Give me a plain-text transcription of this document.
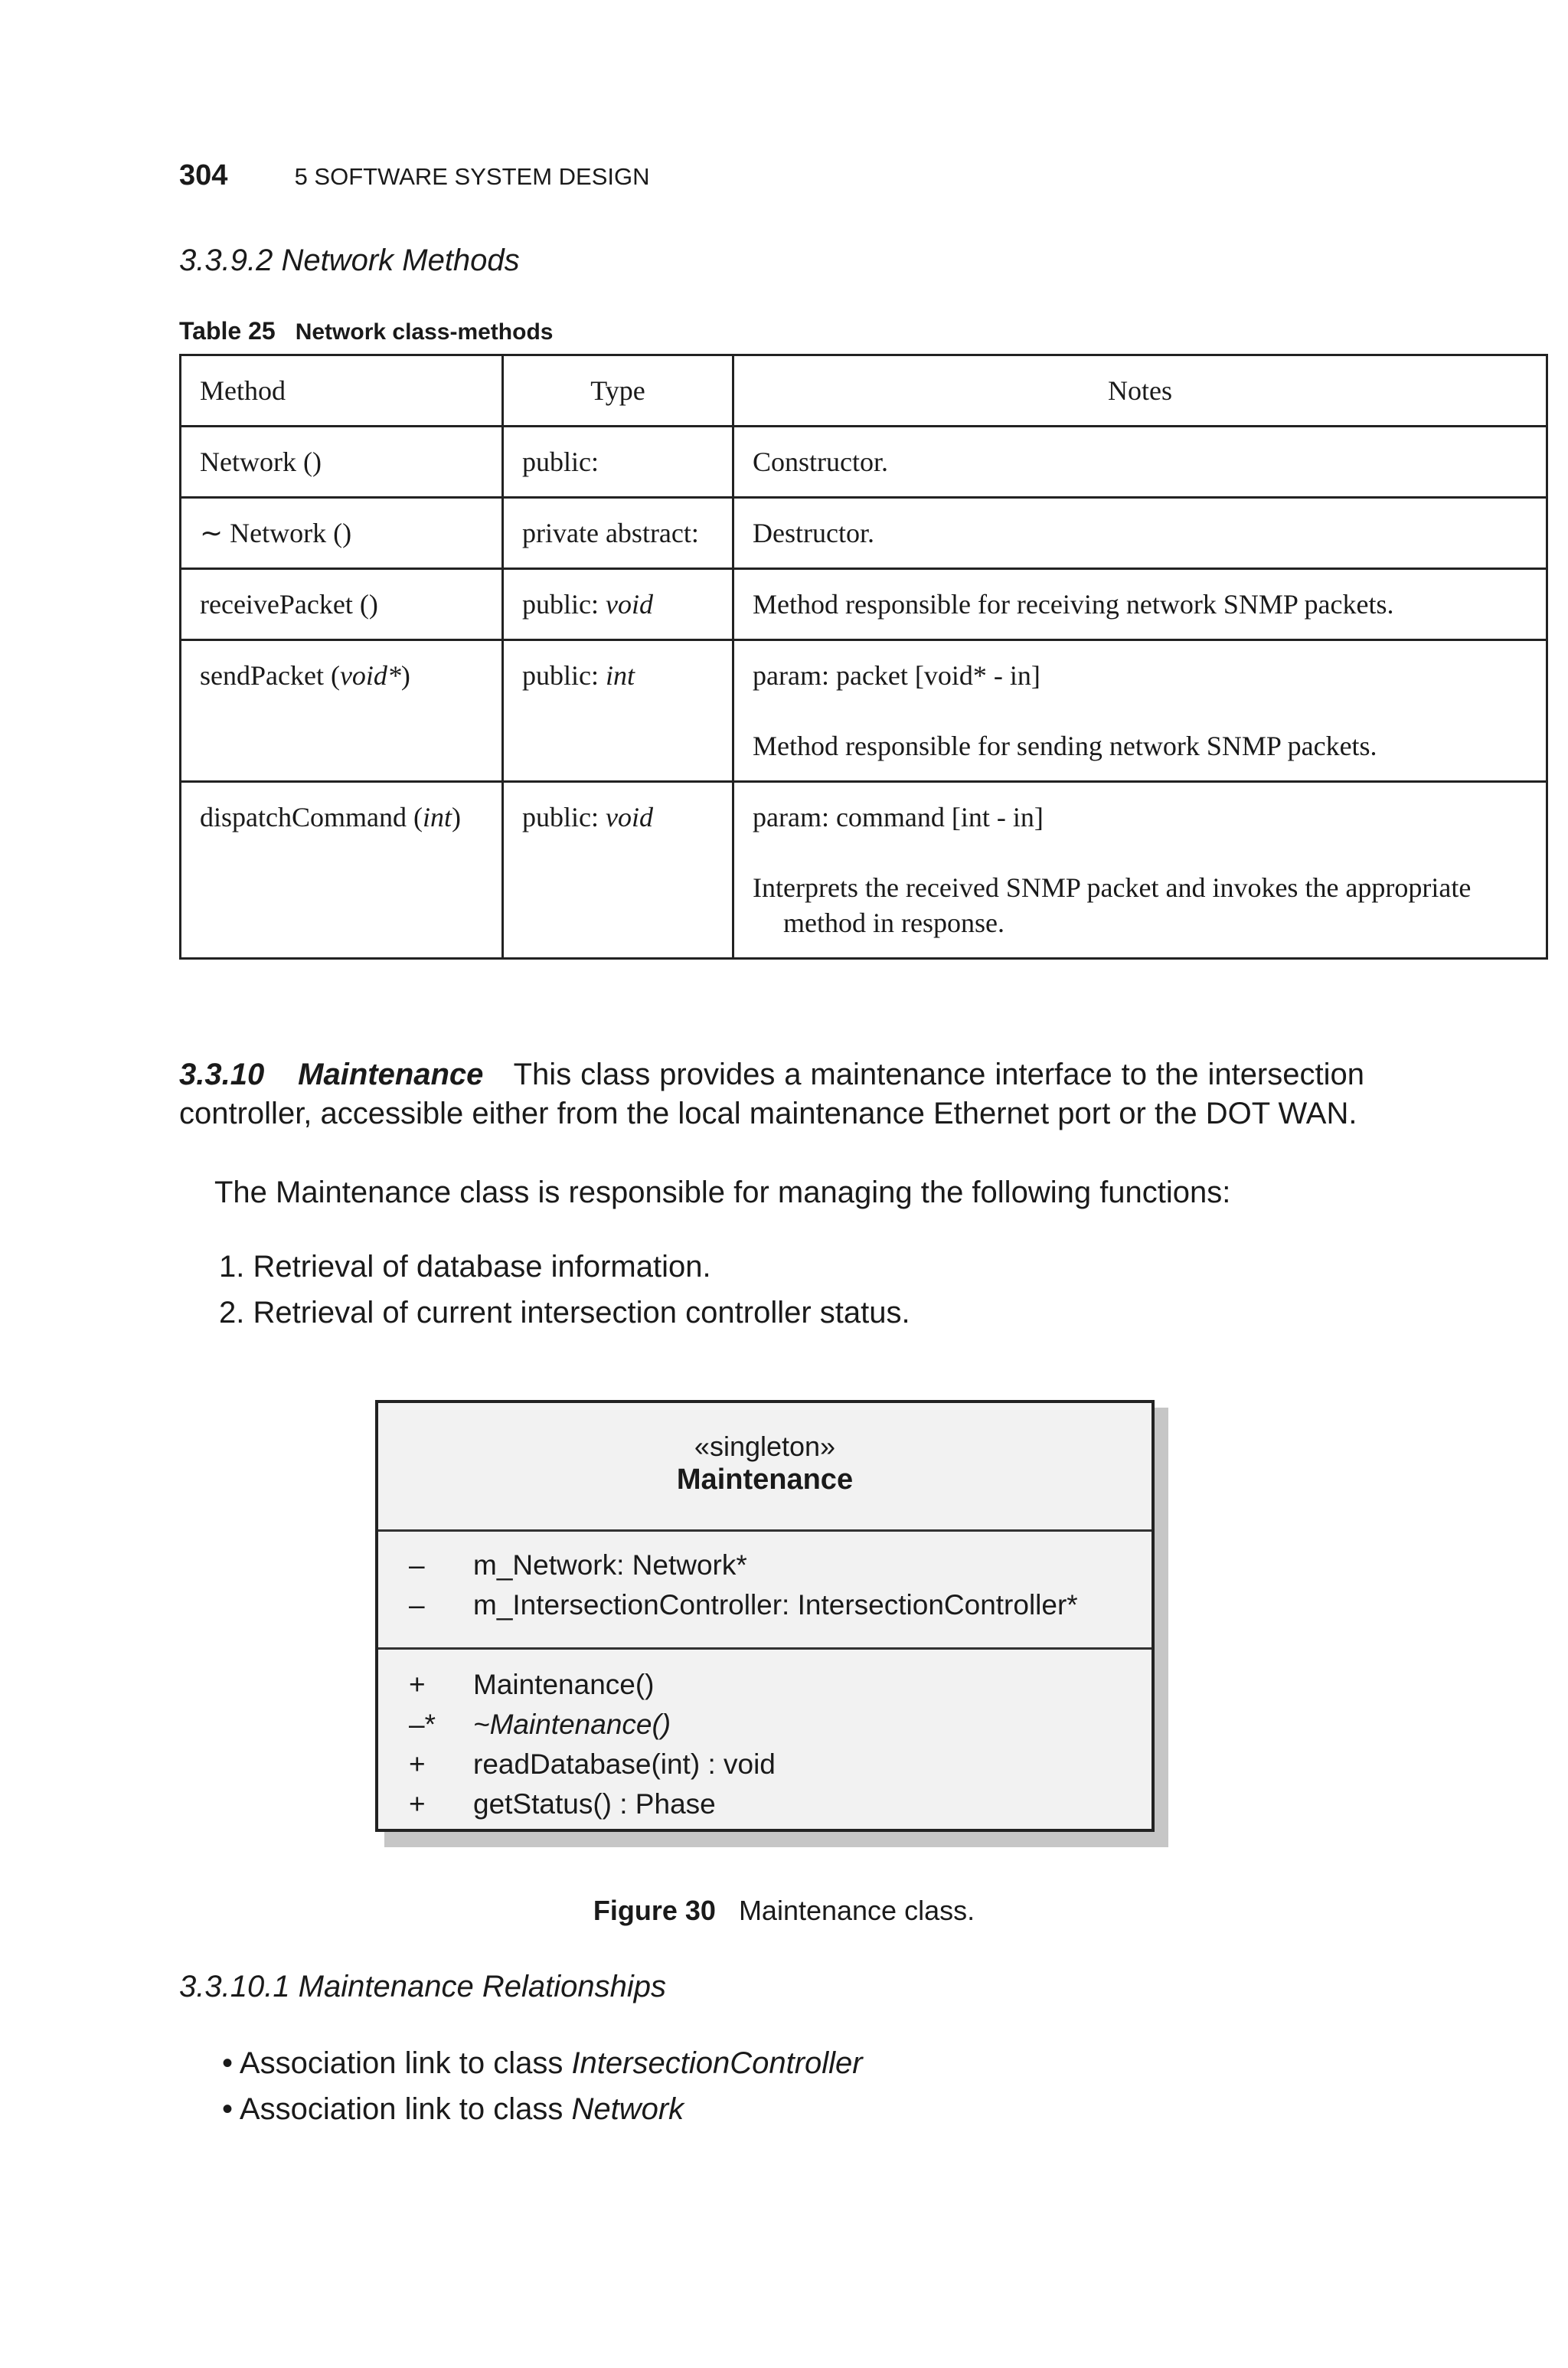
304	5 SOFTWARE SYSTEM DESIGN
3.3.9.2 Network Methods
Table 25 Network class-methods
Method	Type	Notes
Network ()	public:	Constructor.

∼ Network ()	private abstract:	Destructor.

receivePacket ()	public: void	Method responsible for receiving network SNMP packets.

sendPacket (void*)	public: int	param: packet [void* - in]

Method responsible for sending network SNMP packets.

dispatchCommand (int)	public: void	param: command [int - in]

Interprets the received SNMP packet and invokes the appropriate method in response.

3.3.10 Maintenance This class provides a maintenance interface to the intersection controller, accessible either from the local maintenance Ethernet port or the DOT WAN.
The Maintenance class is responsible for managing the following functions:
1. Retrieval of database information.
2. Retrieval of current intersection controller status.
«singleton»
Maintenance
–	m_Network: Network*
–	m_IntersectionController: IntersectionController*
+	Maintenance()
–*	~Maintenance()
+	readDatabase(int) : void
+	getStatus() : Phase
Figure 30 Maintenance class.
3.3.10.1 Maintenance Relationships
• Association link to class IntersectionController
• Association link to class Network
